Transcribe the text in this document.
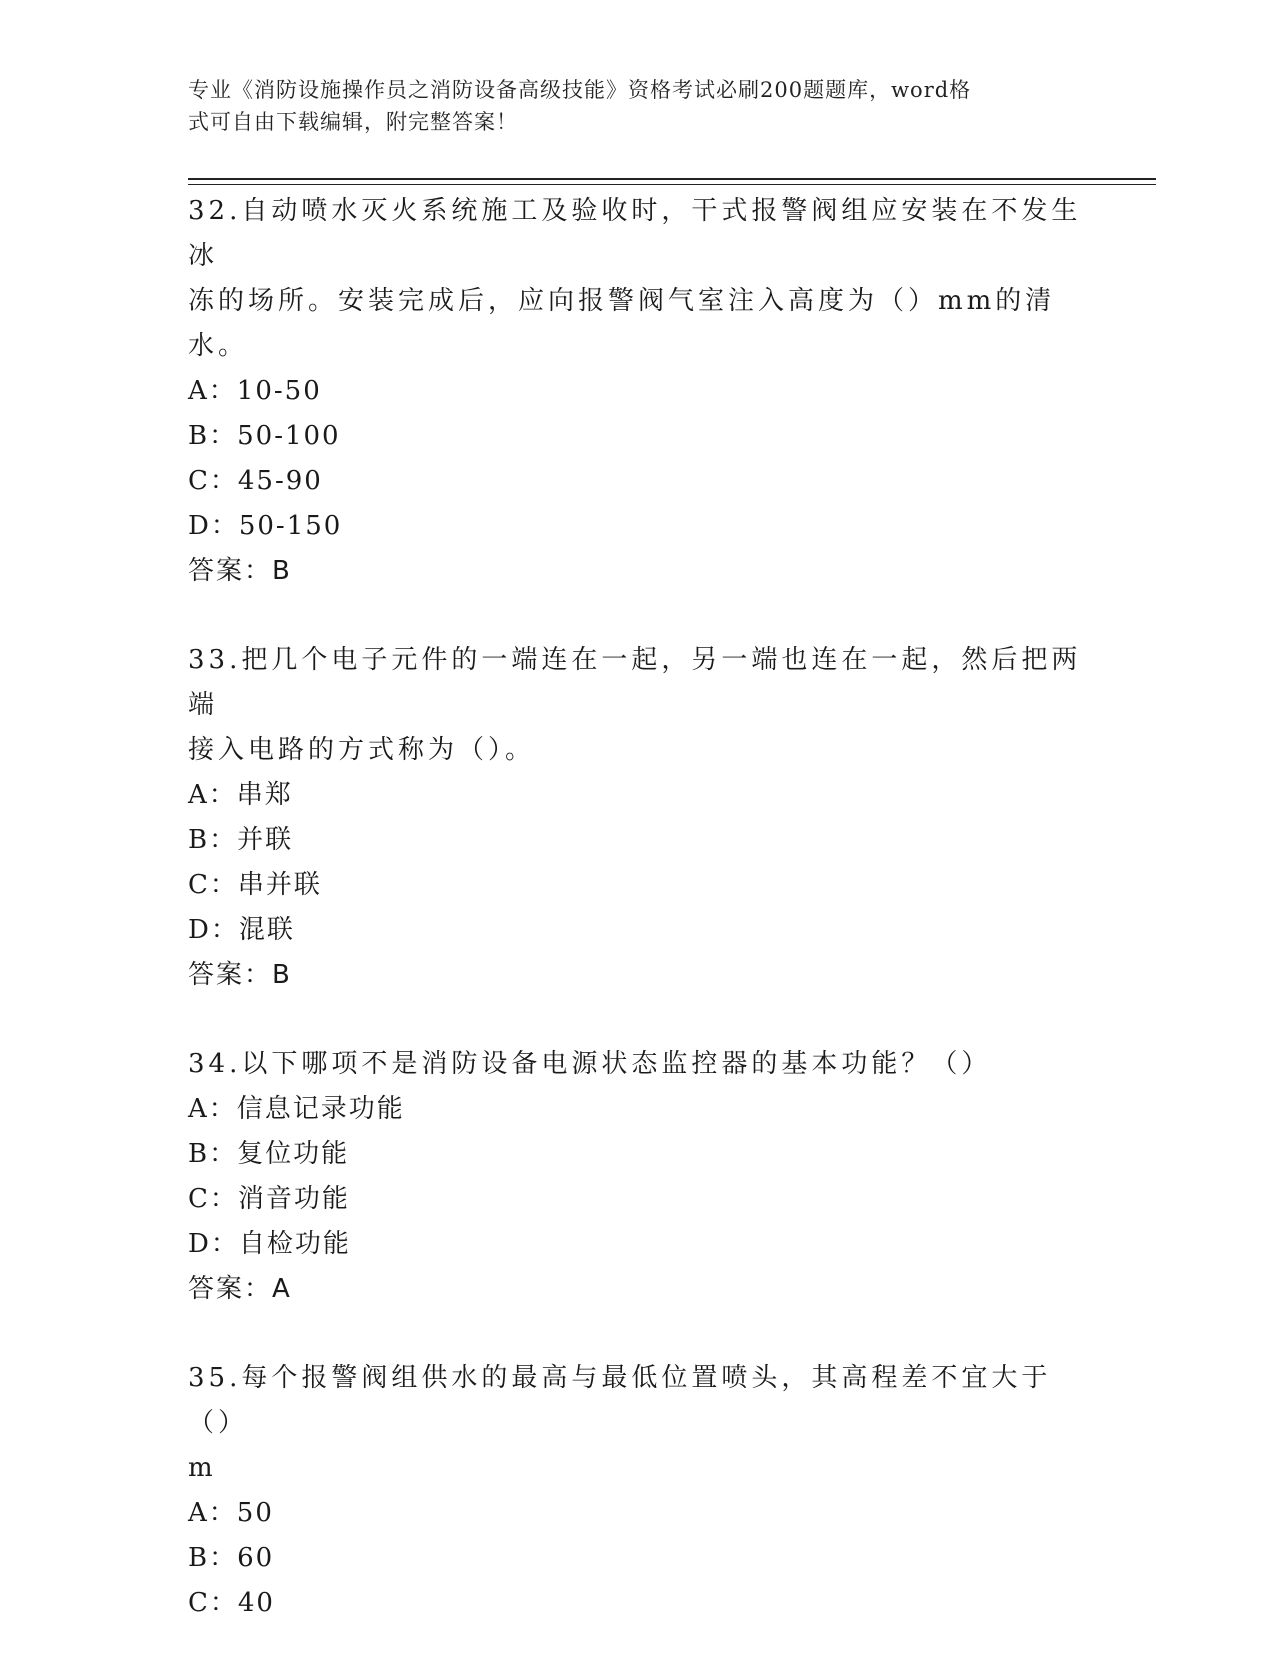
专业《消防设施操作员之消防设备高级技能》资格考试必刷200题题库，word格
式可自由下载编辑，附完整答案！

32.自动喷水灭火系统施工及验收时，干式报警阀组应安装在不发生冰

冻的场所。安装完成后，应向报警阀气室注入高度为（）mm的清水。

A：10-50

B：50-100

C：45-90

D：50-150

答案：B

33.把几个电子元件的一端连在一起，另一端也连在一起，然后把两端

接入电路的方式称为（）。

A：串郑

B：并联

C：串并联

D：混联

答案：B

34.以下哪项不是消防设备电源状态监控器的基本功能？（）

A：信息记录功能

B：复位功能

C：消音功能

D：自检功能

答案：A

35.每个报警阀组供水的最高与最低位置喷头，其高程差不宜大于（）

m

A：50

B：60

C：40
